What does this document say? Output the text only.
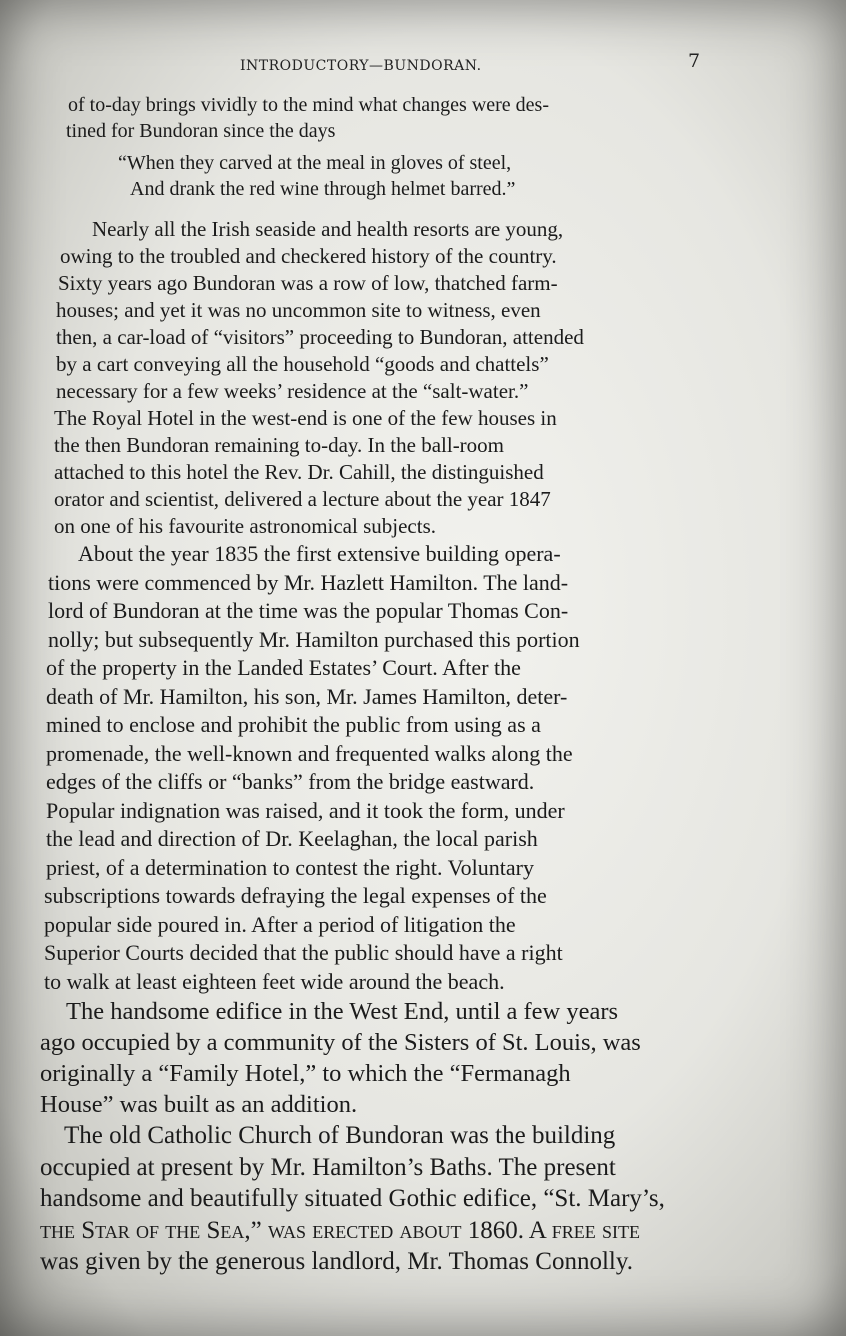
INTRODUCTORY—BUNDORAN.	7
of to-day brings vividly to the mind what changes were des-
tined for Bundoran since the days
“When they carved at the meal in gloves of steel,
And drank the red wine through helmet barred.”
Nearly all the Irish seaside and health resorts are young,
owing to the troubled and checkered history of the country.
Sixty years ago Bundoran was a row of low, thatched farm-
houses; and yet it was no uncommon site to witness, even
then, a car-load of “visitors” proceeding to Bundoran, attended
by a cart conveying all the household “goods and chattels”
necessary for a few weeks’ residence at the “salt-water.”
The Royal Hotel in the west-end is one of the few houses in
the then Bundoran remaining to-day. In the ball-room
attached to this hotel the Rev. Dr. Cahill, the distinguished
orator and scientist, delivered a lecture about the year 1847
on one of his favourite astronomical subjects.
About the year 1835 the first extensive building opera-
tions were commenced by Mr. Hazlett Hamilton. The land-
lord of Bundoran at the time was the popular Thomas Con-
nolly; but subsequently Mr. Hamilton purchased this portion
of the property in the Landed Estates’ Court. After the
death of Mr. Hamilton, his son, Mr. James Hamilton, deter-
mined to enclose and prohibit the public from using as a
promenade, the well-known and frequented walks along the
edges of the cliffs or “banks” from the bridge eastward.
Popular indignation was raised, and it took the form, under
the lead and direction of Dr. Keelaghan, the local parish
priest, of a determination to contest the right. Voluntary
subscriptions towards defraying the legal expenses of the
popular side poured in. After a period of litigation the
Superior Courts decided that the public should have a right
to walk at least eighteen feet wide around the beach.
The handsome edifice in the West End, until a few years
ago occupied by a community of the Sisters of St. Louis, was
originally a “Family Hotel,” to which the “Fermanagh
House” was built as an addition.
The old Catholic Church of Bundoran was the building
occupied at present by Mr. Hamilton’s Baths. The present
handsome and beautifully situated Gothic edifice, “St. Mary’s,
the Star of the Sea,” was erected about 1860. A free site
was given by the generous landlord, Mr. Thomas Connolly.
